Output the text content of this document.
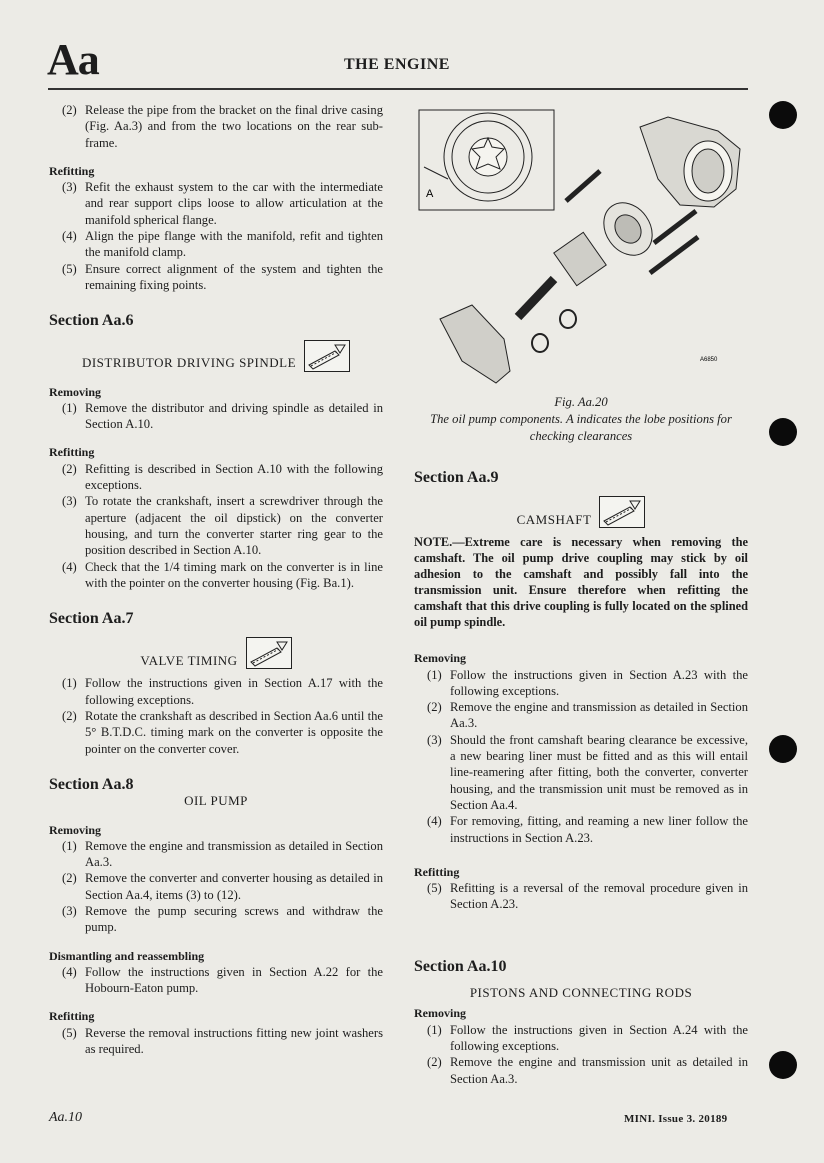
Aa	THE ENGINE
(2) Release the pipe from the bracket on the final drive casing (Fig. Aa.3) and from the two locations on the rear sub-frame.
Refitting
(3) Refit the exhaust system to the car with the intermediate and rear support clips loose to allow articulation at the manifold spherical flange.
(4) Align the pipe flange with the manifold, refit and tighten the manifold clamp.
(5) Ensure correct alignment of the system and tighten the remaining fixing points.
Section Aa.6
DISTRIBUTOR DRIVING SPINDLE
Removing
(1) Remove the distributor and driving spindle as detailed in Section A.10.
Refitting
(2) Refitting is described in Section A.10 with the following exceptions.
(3) To rotate the crankshaft, insert a screwdriver through the aperture (adjacent the oil dipstick) on the converter housing, and turn the converter starter ring gear to the position described in Section A.10.
(4) Check that the 1/4 timing mark on the converter is in line with the pointer on the converter housing (Fig. Ba.1).
Section Aa.7
VALVE TIMING
(1) Follow the instructions given in Section A.17 with the following exceptions.
(2) Rotate the crankshaft as described in Section Aa.6 until the 5° B.T.D.C. timing mark on the converter is opposite the pointer on the converter cover.
Section Aa.8
OIL PUMP
Removing
(1) Remove the engine and transmission as detailed in Section Aa.3.
(2) Remove the converter and converter housing as detailed in Section Aa.4, items (3) to (12).
(3) Remove the pump securing screws and withdraw the pump.
Dismantling and reassembling
(4) Follow the instructions given in Section A.22 for the Hobourn-Eaton pump.
Refitting
(5) Reverse the removal instructions fitting new joint washers as required.
A
A6850
Fig. Aa.20
The oil pump components. A indicates the lobe positions for checking clearances
Section Aa.9
CAMSHAFT
NOTE.—Extreme care is necessary when removing the camshaft. The oil pump drive coupling may stick by oil adhesion to the camshaft and possibly fall into the transmission unit. Ensure therefore when refitting the camshaft that this drive coupling is fully located on the splined oil pump spindle.
Removing
(1) Follow the instructions given in Section A.23 with the following exceptions.
(2) Remove the engine and transmission as detailed in Section Aa.3.
(3) Should the front camshaft bearing clearance be excessive, a new bearing liner must be fitted and as this will entail line-reamering after fitting, both the converter, converter housing, and the transmission unit must be removed as in Section Aa.4.
(4) For removing, fitting, and reaming a new liner follow the instructions in Section A.23.
Refitting
(5) Refitting is a reversal of the removal procedure given in Section A.23.
Section Aa.10
PISTONS AND CONNECTING RODS
Removing
(1) Follow the instructions given in Section A.24 with the following exceptions.
(2) Remove the engine and transmission unit as detailed in Section Aa.3.
Aa.10	MINI. Issue 3. 20189
